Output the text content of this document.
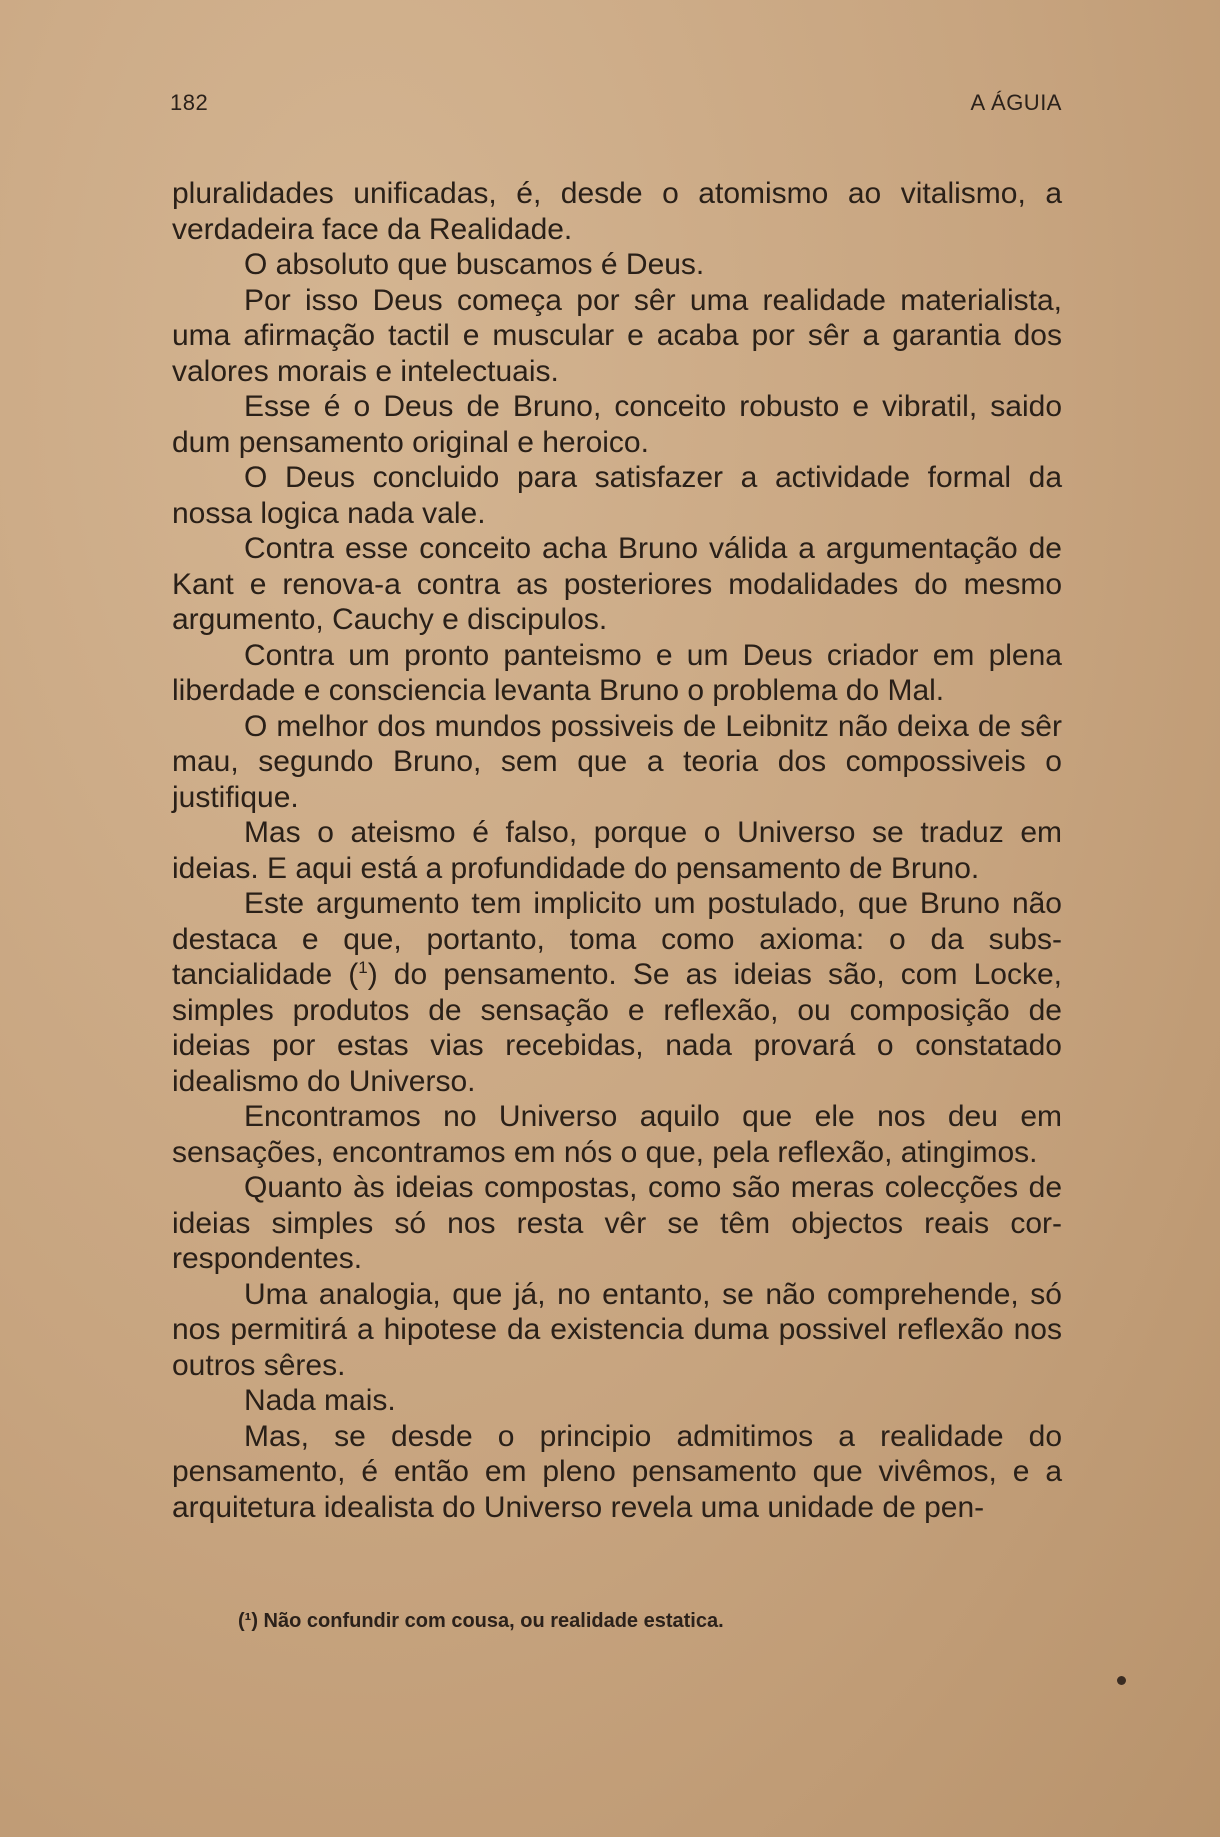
182	A ÁGUIA

pluralidades unificadas, é, desde o atomismo ao vitalismo, a verdadeira face da Realidade.

O absoluto que buscamos é Deus.

Por isso Deus começa por sêr uma realidade materialista, uma afirmação tactil e muscular e acaba por sêr a garantia dos valores morais e intelectuais.

Esse é o Deus de Bruno, conceito robusto e vibratil, saido dum pensamento original e heroico.

O Deus concluido para satisfazer a actividade formal da nossa logica nada vale.

Contra esse conceito acha Bruno válida a argumentação de Kant e renova-a contra as posteriores modalidades do mesmo argumento, Cauchy e discipulos.

Contra um pronto panteismo e um Deus criador em plena liberdade e consciencia levanta Bruno o problema do Mal.

O melhor dos mundos possiveis de Leibnitz não deixa de sêr mau, segundo Bruno, sem que a teoria dos compossiveis o justifique.

Mas o ateismo é falso, porque o Universo se traduz em ideias. E aqui está a profundidade do pensamento de Bruno.

Este argumento tem implicito um postulado, que Bruno não destaca e que, portanto, toma como axioma: o da substancialidade ($^1$) do pensamento. Se as ideias são, com Locke, simples produtos de sensação e reflexão, ou composição de ideias por estas vias recebidas, nada provará o constatado idealismo do Universo.

Encontramos no Universo aquilo que ele nos deu em sensações, encontramos em nós o que, pela reflexão, atingimos.

Quanto às ideias compostas, como são meras colecções de ideias simples só nos resta vêr se têm objectos reais correspondentes.

Uma analogia, que já, no entanto, se não comprehende, só nos permitirá a hipotese da existencia duma possivel reflexão nos outros sêres.

Nada mais.

Mas, se desde o principio admitimos a realidade do pensamento, é então em pleno pensamento que vivêmos, e a arquitetura idealista do Universo revela uma unidade de pen-

(¹) Não confundir com cousa, ou realidade estatica.
